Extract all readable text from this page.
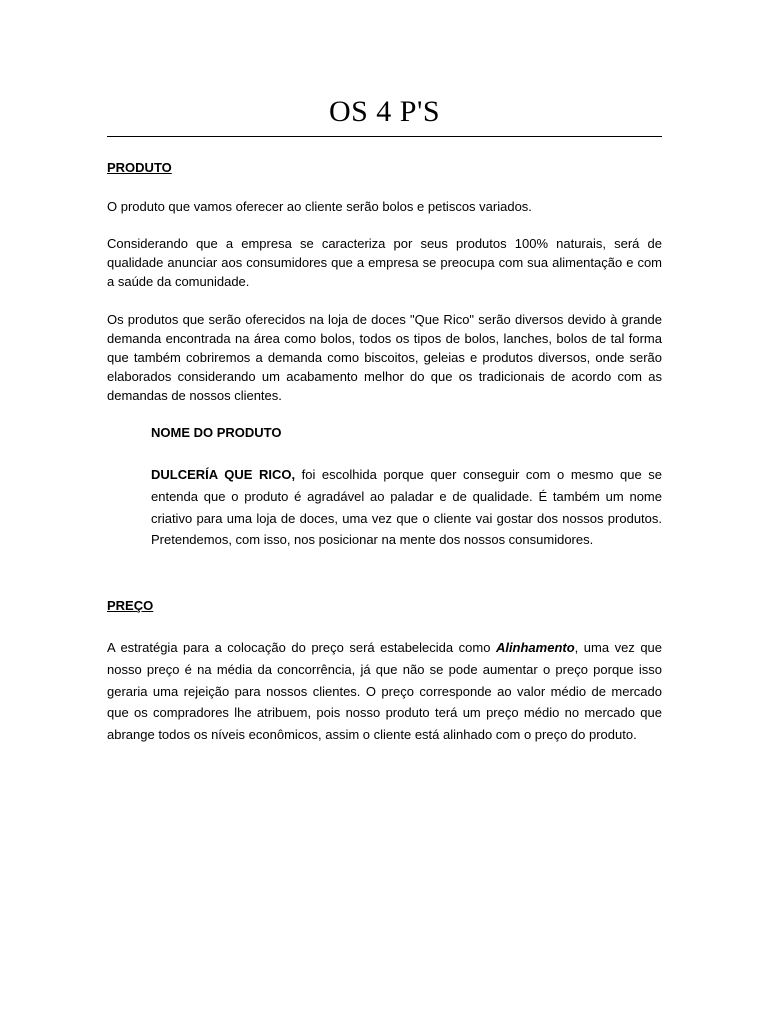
OS 4 P'S

PRODUTO

O produto que vamos oferecer ao cliente serão bolos e petiscos variados.

Considerando que a empresa se caracteriza por seus produtos 100% naturais, será de qualidade anunciar aos consumidores que a empresa se preocupa com sua alimentação e com a saúde da comunidade.

Os produtos que serão oferecidos na loja de doces "Que Rico" serão diversos devido à grande demanda encontrada na área como bolos, todos os tipos de bolos, lanches, bolos de tal forma que também cobriremos a demanda como biscoitos, geleias e produtos diversos, onde serão elaborados considerando um acabamento melhor do que os tradicionais de acordo com as demandas de nossos clientes.

NOME DO PRODUTO

DULCERÍA QUE RICO, foi escolhida porque quer conseguir com o mesmo que se entenda que o produto é agradável ao paladar e de qualidade. É também um nome criativo para uma loja de doces, uma vez que o cliente vai gostar dos nossos produtos. Pretendemos, com isso, nos posicionar na mente dos nossos consumidores.

PREÇO

A estratégia para a colocação do preço será estabelecida como Alinhamento, uma vez que nosso preço é na média da concorrência, já que não se pode aumentar o preço porque isso geraria uma rejeição para nossos clientes. O preço corresponde ao valor médio de mercado que os compradores lhe atribuem, pois nosso produto terá um preço médio no mercado que abrange todos os níveis econômicos, assim o cliente está alinhado com o preço do produto.
